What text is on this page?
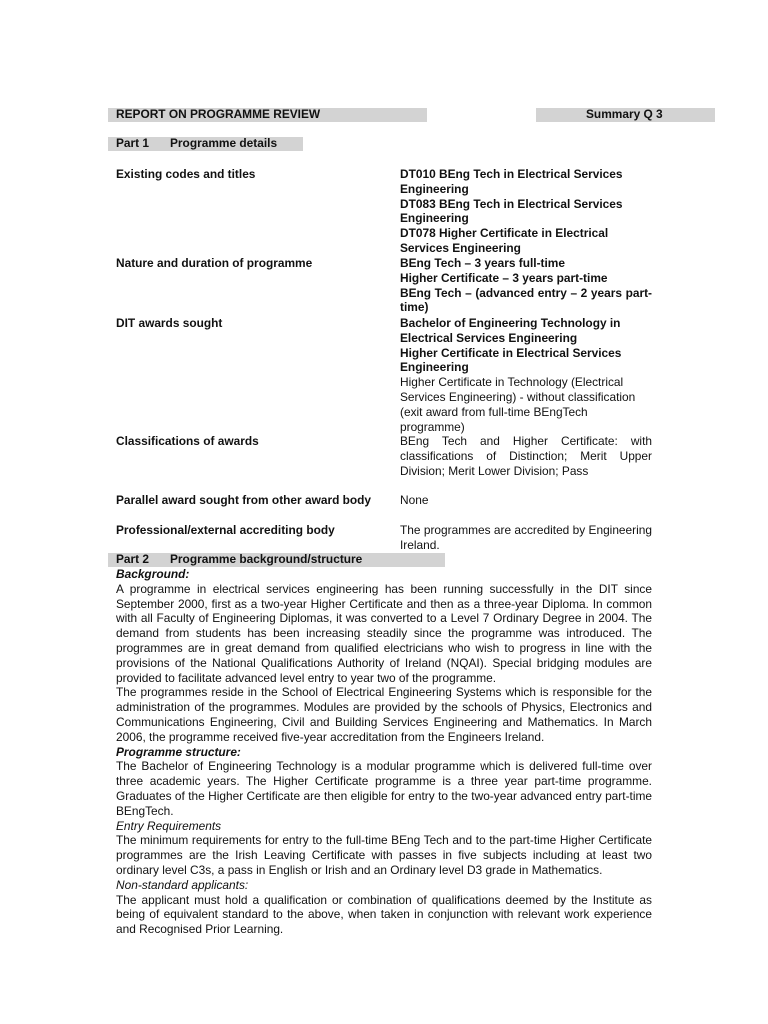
REPORT ON PROGRAMME REVIEW	Summary Q 3
Part 1 Programme details
Existing codes and titles	DT010 BEng Tech in Electrical Services Engineering
DT083 BEng Tech in Electrical Services Engineering
DT078 Higher Certificate in Electrical Services Engineering
Nature and duration of programme	BEng Tech – 3 years full-time
Higher Certificate – 3 years part-time
BEng Tech – (advanced entry – 2 years part-time)
DIT awards sought	Bachelor of Engineering Technology in Electrical Services Engineering
Higher Certificate in Electrical Services Engineering
Higher Certificate in Technology (Electrical Services Engineering) - without classification (exit award from full-time BEngTech programme)
Classifications of awards	BEng Tech and Higher Certificate: with classifications of Distinction; Merit Upper Division; Merit Lower Division; Pass
Parallel award sought from other award body	None
Professional/external accrediting body	The programmes are accredited by Engineering Ireland.
Part 2 Programme background/structure

Background:

A programme in electrical services engineering has been running successfully in the DIT since September 2000, first as a two-year Higher Certificate and then as a three-year Diploma. In common with all Faculty of Engineering Diplomas, it was converted to a Level 7 Ordinary Degree in 2004. The demand from students has been increasing steadily since the programme was introduced. The programmes are in great demand from qualified electricians who wish to progress in line with the provisions of the National Qualifications Authority of Ireland (NQAI). Special bridging modules are provided to facilitate advanced level entry to year two of the programme.

The programmes reside in the School of Electrical Engineering Systems which is responsible for the administration of the programmes. Modules are provided by the schools of Physics, Electronics and Communications Engineering, Civil and Building Services Engineering and Mathematics. In March 2006, the programme received five-year accreditation from the Engineers Ireland.

Programme structure:

The Bachelor of Engineering Technology is a modular programme which is delivered full-time over three academic years. The Higher Certificate programme is a three year part-time programme. Graduates of the Higher Certificate are then eligible for entry to the two-year advanced entry part-time BEngTech.

Entry Requirements

The minimum requirements for entry to the full-time BEng Tech and to the part-time Higher Certificate programmes are the Irish Leaving Certificate with passes in five subjects including at least two ordinary level C3s, a pass in English or Irish and an Ordinary level D3 grade in Mathematics.

Non-standard applicants:

The applicant must hold a qualification or combination of qualifications deemed by the Institute as being of equivalent standard to the above, when taken in conjunction with relevant work experience and Recognised Prior Learning.
